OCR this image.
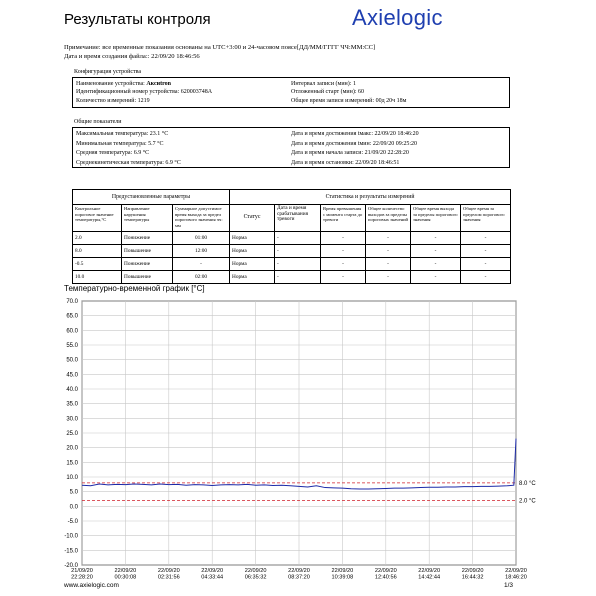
Результаты контроля	Axielogic
Примечание: все временные показания основаны на UTC+3:00 и 24-часовом поясе[ДД/ММ/ГГГГ ЧЧ:ММ:СС]
Дата и время создания файла:: 22/09/20 18:46:56
Конфигурация устройства
Наименование устройства: Аксиtron
Идентификационный номер устройства: 620003748A
Количество измерений: 1219
Интервал записи (мин): 1
Отложенный старт (мин): 60
Общее время записи измерений: 00д 20ч 18м
Общие показатели
Максимальная температура: 23.1 °C
Минимальная температура: 5.7 °C
Средняя температура: 6.9 °C
Среднекинетическая температура: 6.9 °C
Дата и время достижения tмакс: 22/09/20 18:46:20
Дата и время достижения tмин: 22/09/20 09:25:20
Дата и время начала записи: 21/09/20 22:28:20
Дата и время остановки: 22/09/20 18:46:51
Предустановленные параметры			Статистика и результаты измерений					
Контрольное пороговое значение температуры,°C	Направление нарушения температуры	Суммарное допустимое время выхода за предел порогового значения чч: мм	Статус	Дата и время срабатывания тревоги	Время превышения с момента старта до тревоги	Общее количество выходов за пределы пороговых значений	Общее время выхода за пределы порогового значения	Общее время за пределом порогового значения
2.0	Понижение	01:00	Норма	-	-	-	-	-
8.0	Повышение	12:00	Норма	-	-	-	-	-
-0.5	Понижение	-	Норма	-	-	-	-	-
10.0	Повышение	02:00	Норма	-	-	-	-	-
Температурно-временной график [°C]
70.0
65.0
60.0
55.0
50.0
45.0
40.0
35.0
30.0
25.0
20.0
15.0
10.0
5.0
0.0
-5.0
-10.0
-15.0
-20.0
21/09/20
22:28:20
22/09/20
00:30:08
22/09/20
02:31:56
22/09/20
04:33:44
22/09/20
06:35:32
22/09/20
08:37:20
22/09/20
10:39:08
22/09/20
12:40:56
22/09/20
14:42:44
22/09/20
16:44:32
22/09/20
18:46:20
8.0 °C
2.0 °C
www.axielogic.com	1/3
